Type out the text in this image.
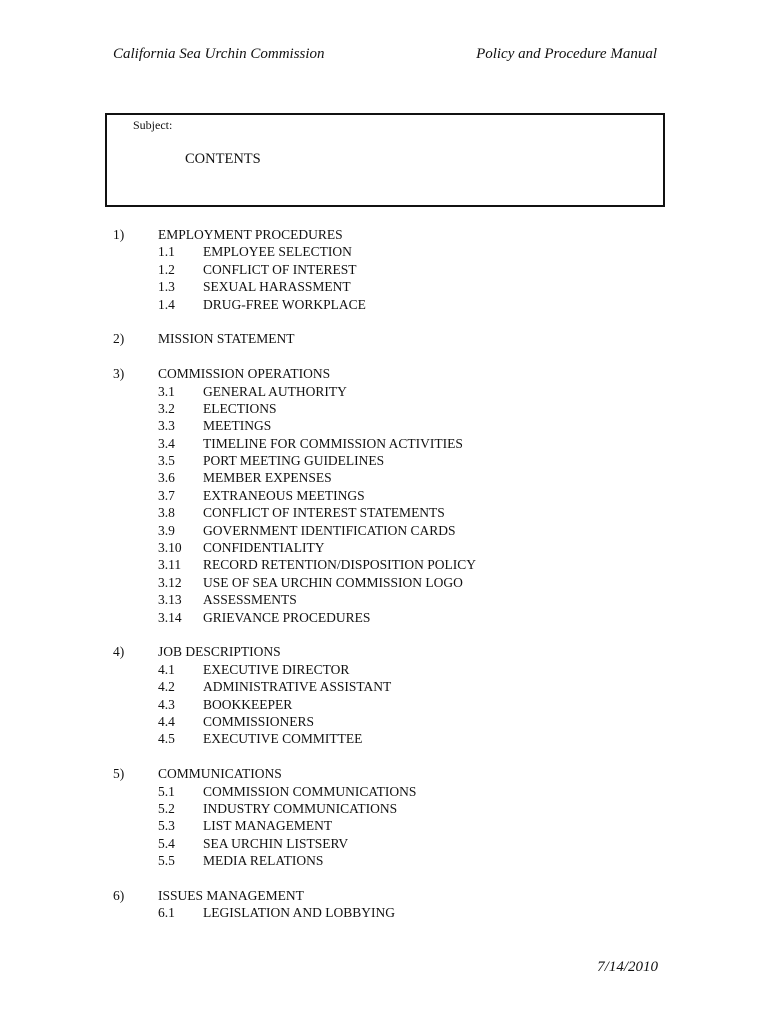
California Sea Urchin Commission	Policy and Procedure Manual
Subject:
CONTENTS
1)	EMPLOYMENT PROCEDURES
1.1 EMPLOYEE SELECTION
1.2 CONFLICT OF INTEREST
1.3 SEXUAL HARASSMENT
1.4 DRUG-FREE WORKPLACE
2)	MISSION STATEMENT
3)	COMMISSION OPERATIONS
3.1 GENERAL AUTHORITY
3.2 ELECTIONS
3.3 MEETINGS
3.4 TIMELINE FOR COMMISSION ACTIVITIES
3.5 PORT MEETING GUIDELINES
3.6 MEMBER EXPENSES
3.7 EXTRANEOUS MEETINGS
3.8 CONFLICT OF INTEREST STATEMENTS
3.9 GOVERNMENT IDENTIFICATION CARDS
3.10 CONFIDENTIALITY
3.11 RECORD RETENTION/DISPOSITION POLICY
3.12 USE OF SEA URCHIN COMMISSION LOGO
3.13 ASSESSMENTS
3.14 GRIEVANCE PROCEDURES
4)	JOB DESCRIPTIONS
4.1 EXECUTIVE DIRECTOR
4.2 ADMINISTRATIVE ASSISTANT
4.3 BOOKKEEPER
4.4 COMMISSIONERS
4.5 EXECUTIVE COMMITTEE
5)	COMMUNICATIONS
5.1 COMMISSION COMMUNICATIONS
5.2 INDUSTRY COMMUNICATIONS
5.3 LIST MANAGEMENT
5.4 SEA URCHIN LISTSERV
5.5 MEDIA RELATIONS
6)	ISSUES MANAGEMENT
6.1 LEGISLATION AND LOBBYING
7/14/2010
